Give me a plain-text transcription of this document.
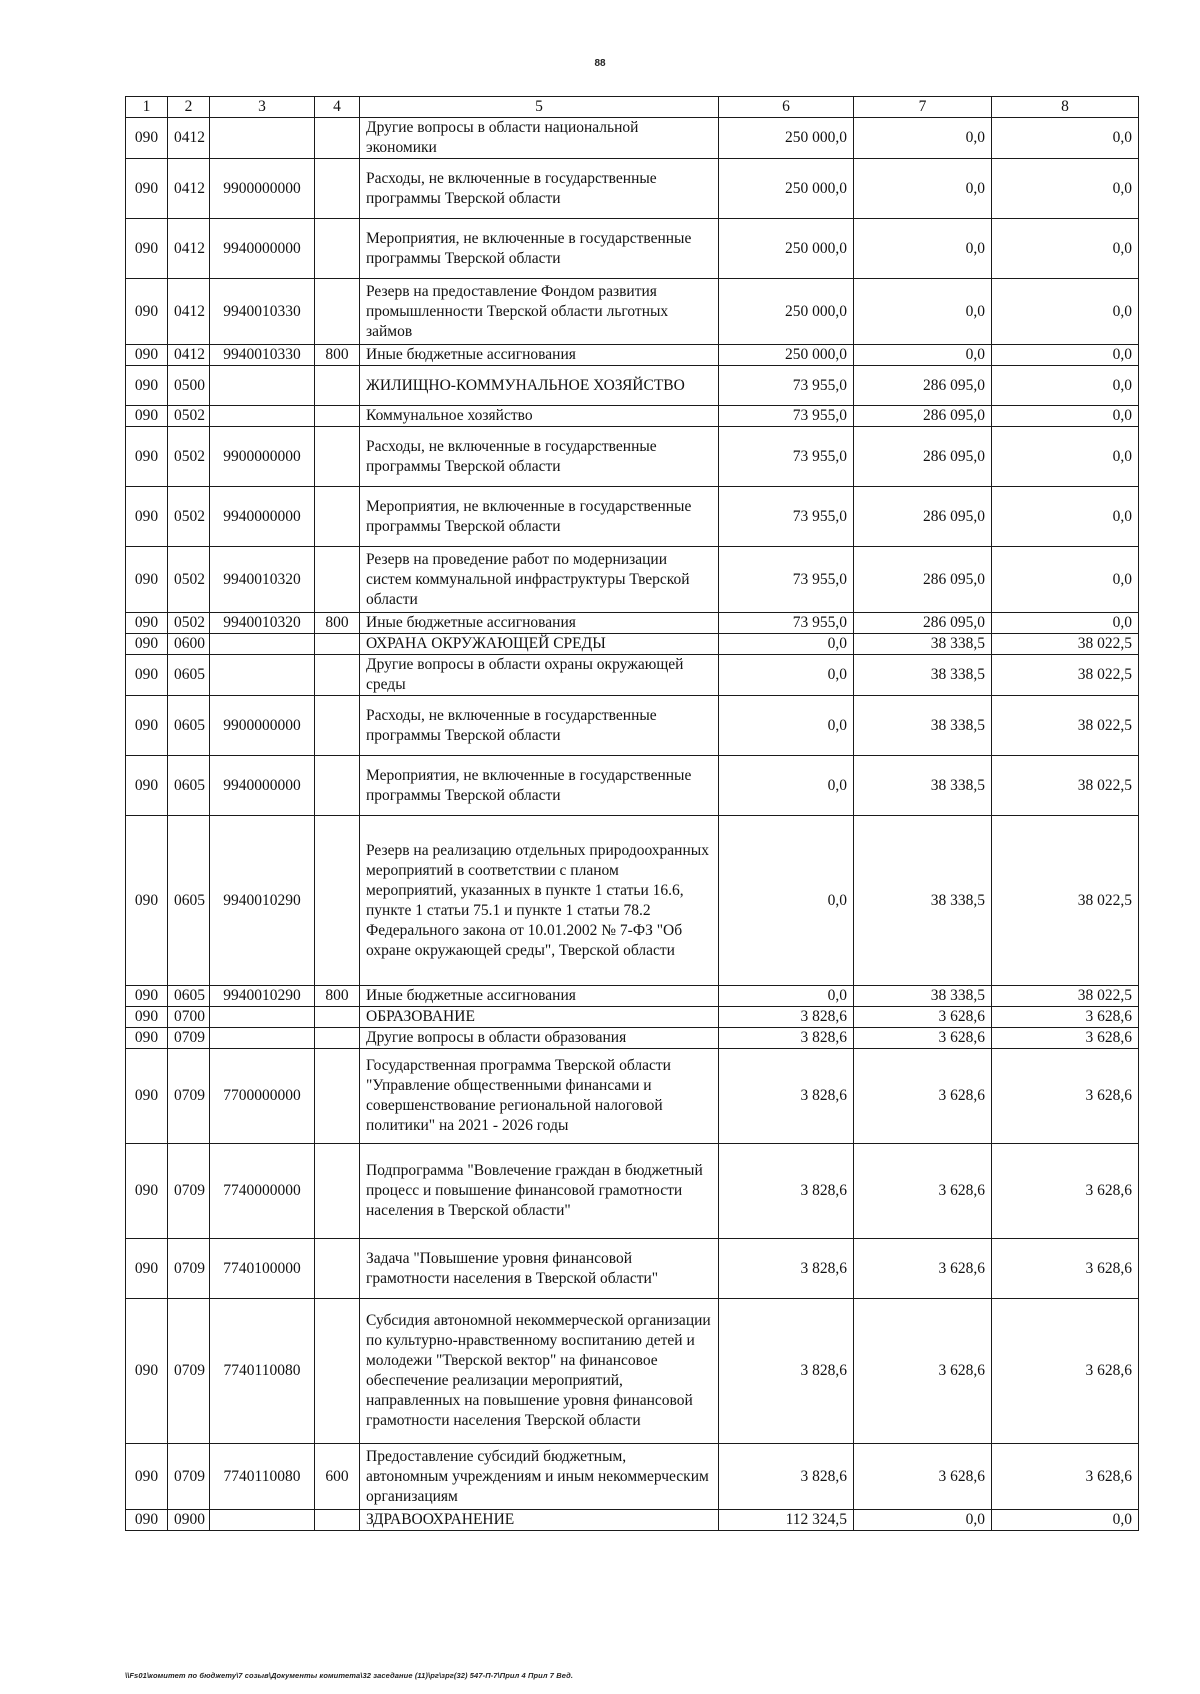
88
1	2	3	4	5	6	7	8
090	0412			Другие вопросы в области национальной экономики	250 000,0	0,0	0,0
090	0412	9900000000		Расходы, не включенные в государственные программы Тверской области	250 000,0	0,0	0,0
090	0412	9940000000		Мероприятия, не включенные в государственные программы Тверской области	250 000,0	0,0	0,0
090	0412	9940010330		Резерв на предоставление Фондом развития промышленности Тверской области льготных займов	250 000,0	0,0	0,0
090	0412	9940010330	800	Иные бюджетные ассигнования	250 000,0	0,0	0,0
090	0500			ЖИЛИЩНО-КОММУНАЛЬНОЕ ХОЗЯЙСТВО	73 955,0	286 095,0	0,0
090	0502			Коммунальное хозяйство	73 955,0	286 095,0	0,0
090	0502	9900000000		Расходы, не включенные в государственные программы Тверской области	73 955,0	286 095,0	0,0
090	0502	9940000000		Мероприятия, не включенные в государственные программы Тверской области	73 955,0	286 095,0	0,0
090	0502	9940010320		Резерв на проведение работ по модернизации систем коммунальной инфраструктуры Тверской области	73 955,0	286 095,0	0,0
090	0502	9940010320	800	Иные бюджетные ассигнования	73 955,0	286 095,0	0,0
090	0600			ОХРАНА ОКРУЖАЮЩЕЙ СРЕДЫ	0,0	38 338,5	38 022,5
090	0605			Другие вопросы в области охраны окружающей среды	0,0	38 338,5	38 022,5
090	0605	9900000000		Расходы, не включенные в государственные программы Тверской области	0,0	38 338,5	38 022,5
090	0605	9940000000		Мероприятия, не включенные в государственные программы Тверской области	0,0	38 338,5	38 022,5
090	0605	9940010290		Резерв на реализацию отдельных природоохранных мероприятий в соответствии с планом мероприятий, указанных в пункте 1 статьи 16.6, пункте 1 статьи 75.1 и пункте 1 статьи 78.2 Федерального закона от 10.01.2002 № 7-ФЗ "Об охране окружающей среды", Тверской области	0,0	38 338,5	38 022,5
090	0605	9940010290	800	Иные бюджетные ассигнования	0,0	38 338,5	38 022,5
090	0700			ОБРАЗОВАНИЕ	3 828,6	3 628,6	3 628,6
090	0709			Другие вопросы в области образования	3 828,6	3 628,6	3 628,6
090	0709	7700000000		Государственная программа Тверской области "Управление общественными финансами и совершенствование региональной налоговой политики" на 2021 - 2026 годы	3 828,6	3 628,6	3 628,6
090	0709	7740000000		Подпрограмма "Вовлечение граждан в бюджетный процесс и повышение финансовой грамотности населения в Тверской области"	3 828,6	3 628,6	3 628,6
090	0709	7740100000		Задача "Повышение уровня финансовой грамотности населения в Тверской области"	3 828,6	3 628,6	3 628,6
090	0709	7740110080		Субсидия автономной некоммерческой организации по культурно-нравственному воспитанию детей и молодежи "Тверской вектор" на финансовое обеспечение реализации мероприятий, направленных на повышение уровня финансовой грамотности населения Тверской области	3 828,6	3 628,6	3 628,6
090	0709	7740110080	600	Предоставление субсидий бюджетным, автономным учреждениям и иным некоммерческим организациям	3 828,6	3 628,6	3 628,6
090	0900			ЗДРАВООХРАНЕНИЕ	112 324,5	0,0	0,0
\\Fs01\комитет по бюджету\7 созыв\Документы комитета\32 заседание (11)\рг\зрг(32) 547-П-7\Прил 4 Прил 7 Вед.
